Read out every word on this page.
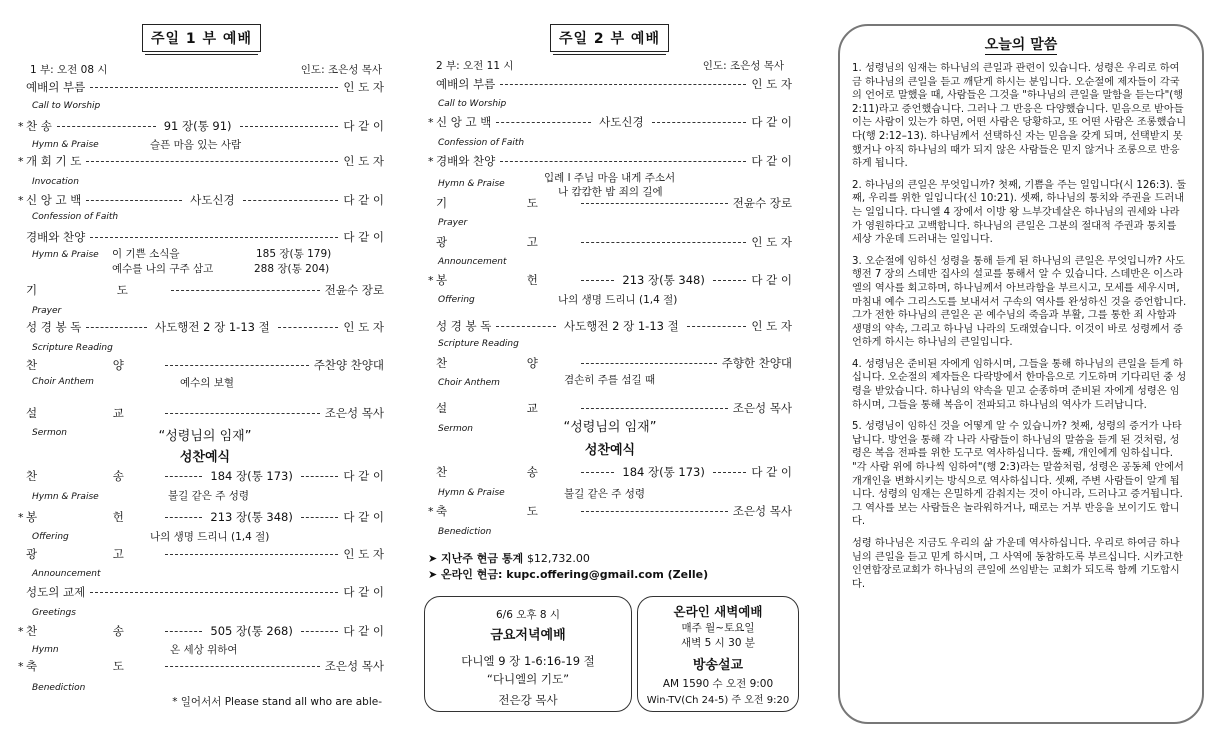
주일 1 부 예배
1 부: 오전 08 시	인도: 조은성 목사
예배의 부름	인 도 자
Call to Worship
* 찬 송	91 장(통 91)	다 같 이
Hymn & Praise	슬픈 마음 있는 사람
* 개 회 기 도	인 도 자
Invocation
* 신 앙 고 백	사도신경	다 같 이
Confession of Faith
경배와 찬양	다 같 이
Hymn & Praise 이 기쁜 소식을	185 장(통 179)
예수를 나의 구주 삼고	288 장(통 204)
기 도	전윤수 장로
Prayer
성 경 봉 독	사도행전 2 장 1-13 절	인 도 자
Scripture Reading
찬 양	주찬양 찬양대
Choir Anthem	예수의 보혈
설 교	조은성 목사
Sermon	“성령님의 임재”
성찬예식
찬 송	184 장(통 173)	다 같 이
Hymn & Praise	불길 같은 주 성령
* 봉 헌	213 장(통 348)	다 같 이
Offering	나의 생명 드리니 (1,4 절)
광 고	인 도 자
Announcement
성도의 교제	다 같 이
Greetings
* 찬 송	505 장(통 268)	다 같 이
Hymn	온 세상 위하여
* 축 도	조은성 목사
Benediction
* 일어서서 Please stand all who are able-
주일 2 부 예배
2 부: 오전 11 시	인도: 조은성 목사
예배의 부름	인 도 자
Call to Worship
* 신 앙 고 백	사도신경	다 같 이
Confession of Faith
* 경배와 찬양	다 같 이
Hymn & Praise	입례 l 주님 마음 내게 주소서
나 캄캄한 밤 죄의 길에
기 도	전윤수 장로
Prayer
광 고	인 도 자
Announcement
* 봉 헌	213 장(통 348)	다 같 이
Offering	나의 생명 드리니 (1,4 절)
성 경 봉 독	사도행전 2 장 1-13 절	인 도 자
Scripture Reading
찬 양	주향한 찬양대
Choir Anthem	겸손히 주를 섬길 때
설 교	조은성 목사
Sermon	“성령님의 임재”
성찬예식
찬 송	184 장(통 173)	다 같 이
Hymn & Praise	불길 같은 주 성령
* 축 도	조은성 목사
Benediction
➤ 지난주 현금 통계 $12,732.00
➤ 온라인 현금: kupc.offering@gmail.com (Zelle)
6/6 오후 8 시
금요저녁예배
다니엘 9 장 1-6:16-19 절
“다니엘의 기도”
전은강 목사
온라인 새벽예배
매주 월~토요일
새벽 5 시 30 분
방송설교
AM 1590 수 오전 9:00
Win-TV(Ch 24-5) 주 오전 9:20
오늘의 말씀

1. 성령님의 임재는 하나님의 큰일과 관련이 있습니다. 성령은 우리로 하여금 하나님의 큰일을 듣고 깨닫게 하시는 분입니다. 오순절에 제자들이 각국의 언어로 말했을 때, 사람들은 그것을 "하나님의 큰일을 말함을 듣는다"(행 2:11)라고 증언했습니다. 그러나 그 반응은 다양했습니다. 믿음으로 받아들이는 사람이 있는가 하면, 어떤 사람은 당황하고, 또 어떤 사람은 조롱했습니다(행 2:12–13). 하나님께서 선택하신 자는 믿음을 갖게 되며, 선택받지 못했거나 아직 하나님의 때가 되지 않은 사람들은 믿지 않거나 조롱으로 반응하게 됩니다.

2. 하나님의 큰일은 무엇입니까? 첫째, 기쁨을 주는 일입니다(시 126:3). 둘째, 우리를 위한 일입니다(신 10:21). 셋째, 하나님의 통치와 주권을 드러내는 일입니다. 다니엘 4 장에서 이방 왕 느부갓네살은 하나님의 권세와 나라가 영원하다고 고백합니다. 하나님의 큰일은 그분의 절대적 주권과 통치를 세상 가운데 드러내는 일입니다.

3. 오순절에 임하신 성령을 통해 듣게 된 하나님의 큰일은 무엇입니까? 사도행전 7 장의 스데반 집사의 설교를 통해서 알 수 있습니다. 스데반은 이스라엘의 역사를 회고하며, 하나님께서 아브라함을 부르시고, 모세를 세우시며, 마침내 예수 그리스도를 보내셔서 구속의 역사를 완성하신 것을 증언합니다. 그가 전한 하나님의 큰일은 곧 예수님의 죽음과 부활, 그를 통한 죄 사함과 생명의 약속, 그리고 하나님 나라의 도래였습니다. 이것이 바로 성령께서 증언하게 하시는 하나님의 큰일입니다.

4. 성령님은 준비된 자에게 임하시며, 그들을 통해 하나님의 큰일을 듣게 하십니다. 오순절의 제자들은 다락방에서 한마음으로 기도하며 기다리던 중 성령을 받았습니다. 하나님의 약속을 믿고 순종하며 준비된 자에게 성령은 임하시며, 그들을 통해 복음이 전파되고 하나님의 역사가 드러납니다.

5. 성령님이 임하신 것을 어떻게 알 수 있습니까? 첫째, 성령의 증거가 나타납니다. 방언을 통해 각 나라 사람들이 하나님의 말씀을 듣게 된 것처럼, 성령은 복음 전파를 위한 도구로 역사하십니다. 둘째, 개인에게 임하십니다. "각 사람 위에 하나씩 임하여"(행 2:3)라는 말씀처럼, 성령은 공동체 안에서 개개인을 변화시키는 방식으로 역사하십니다. 셋째, 주변 사람들이 알게 됩니다. 성령의 임재는 은밀하게 감춰지는 것이 아니라, 드러나고 증거됩니다. 그 역사를 보는 사람들은 놀라워하거나, 때로는 거부 반응을 보이기도 합니다.

성령 하나님은 지금도 우리의 삶 가운데 역사하십니다. 우리로 하여금 하나님의 큰일을 듣고 믿게 하시며, 그 사역에 동참하도록 부르십니다. 시카고한인연합장로교회가 하나님의 큰일에 쓰임받는 교회가 되도록 함께 기도합시다.
